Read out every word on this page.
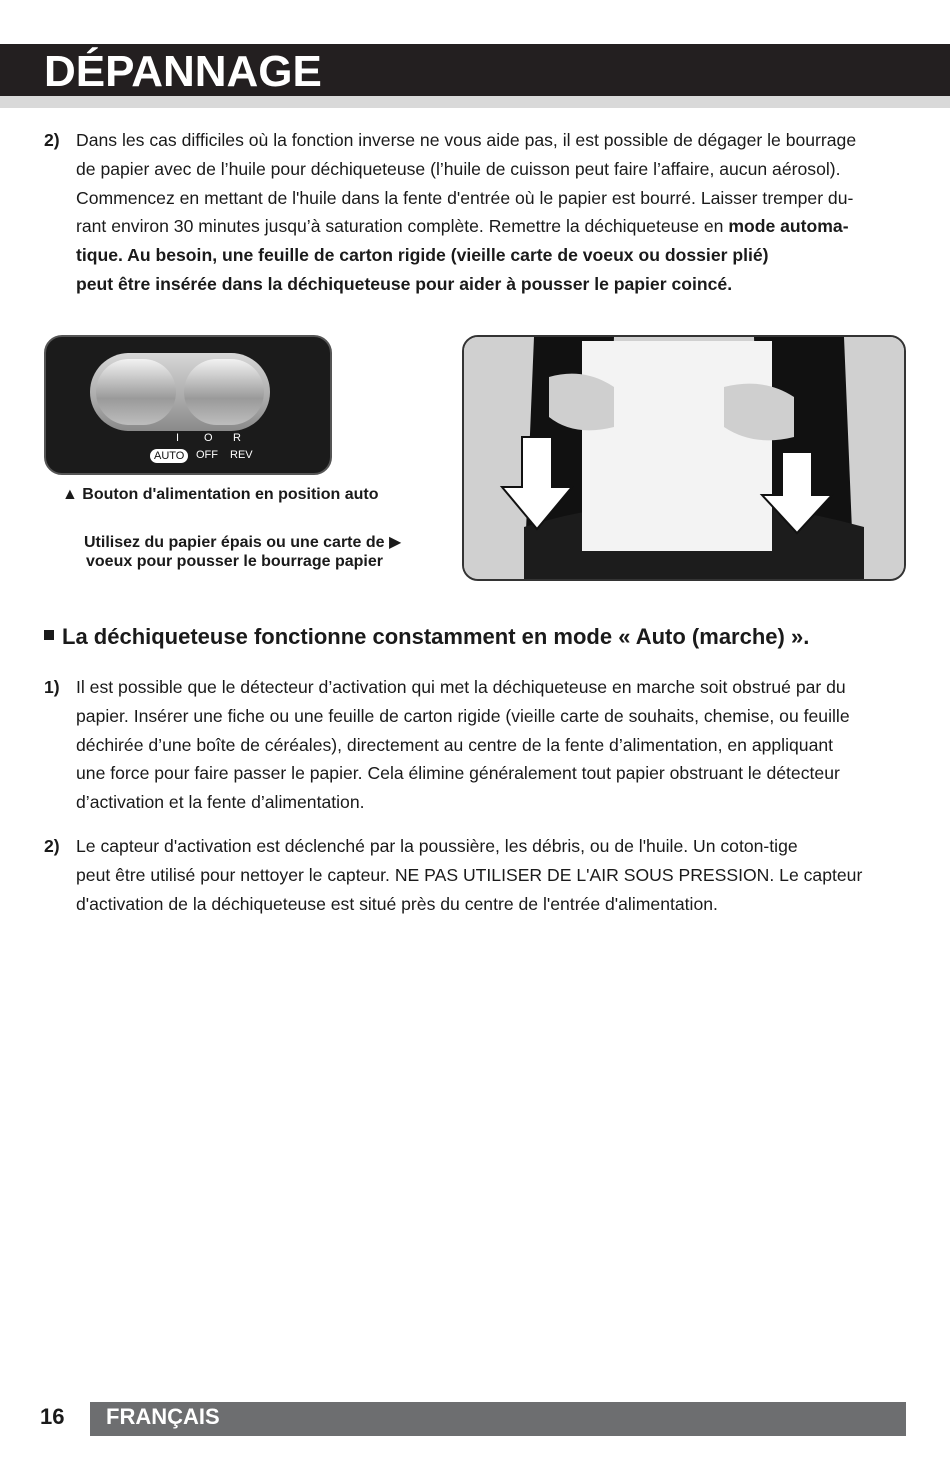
DÉPANNAGE
2) Dans les cas difficiles où la fonction inverse ne vous aide pas, il est possible de dégager le bourrage
de papier avec de l’huile pour déchiqueteuse (l’huile de cuisson peut faire l’affaire, aucun aérosol).
Commencez en mettant de l'huile dans la fente d'entrée où le papier est bourré. Laisser tremper du-
rant environ 30 minutes jusqu’à saturation complète. Remettre la déchiqueteuse en mode automa-
tique. Au besoin, une feuille de carton rigide (vieille carte de voeux ou dossier plié)
peut être insérée dans la déchiqueteuse pour aider à pousser le papier coincé.
I O R
AUTO	OFF REV
▲ Bouton d'alimentation en position auto
Utilisez du papier épais ou une carte de ▶
voeux pour pousser le bourrage papier
La déchiqueteuse fonctionne constamment en mode « Auto (marche) ».
1) Il est possible que le détecteur d’activation qui met la déchiqueteuse en marche soit obstrué par du
papier. Insérer une fiche ou une feuille de carton rigide (vieille carte de souhaits, chemise, ou feuille
déchirée d’une boîte de céréales), directement au centre de la fente d’alimentation, en appliquant
une force pour faire passer le papier. Cela élimine généralement tout papier obstruant le détecteur
d’activation et la fente d’alimentation.
2) Le capteur d'activation est déclenché par la poussière, les débris, ou de l'huile. Un coton-tige
peut être utilisé pour nettoyer le capteur. NE PAS UTILISER DE L'AIR SOUS PRESSION. Le capteur
d'activation de la déchiqueteuse est situé près du centre de l'entrée d'alimentation.
16 FRANÇAIS
